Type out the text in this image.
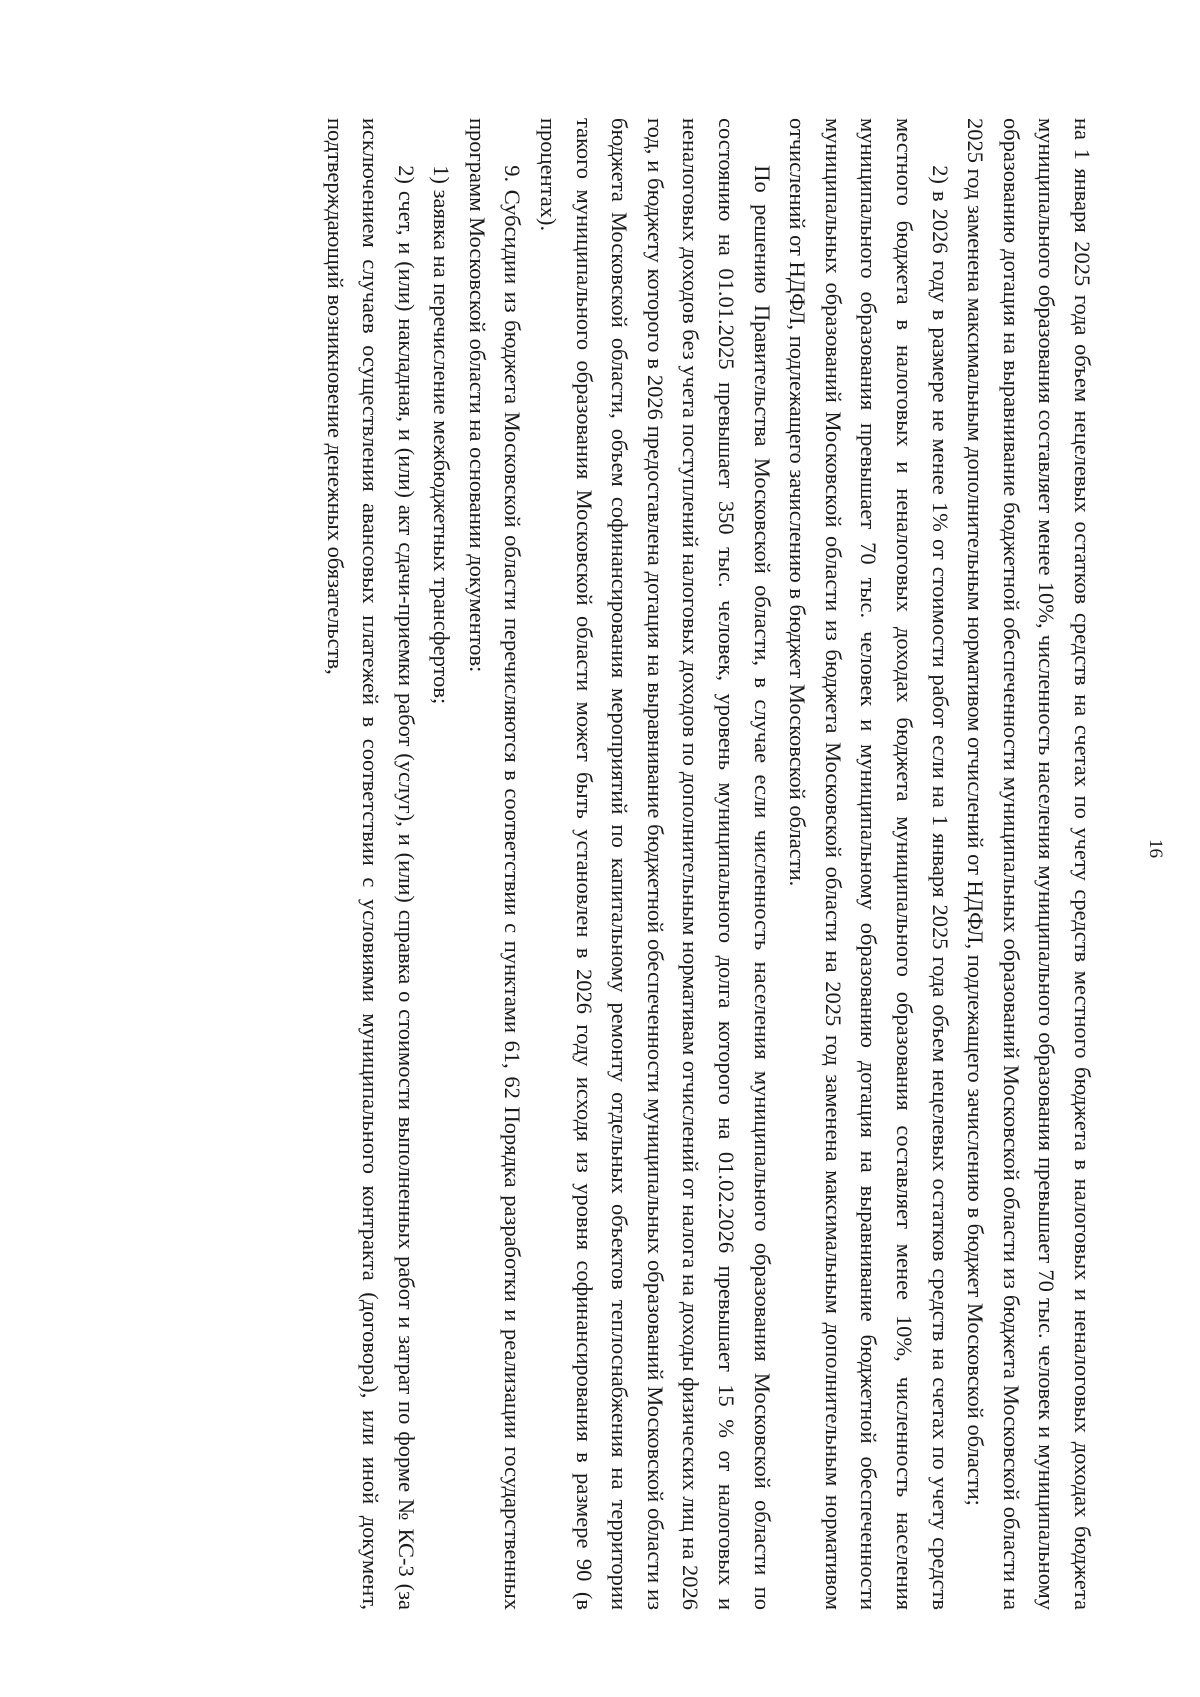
16

на 1 января 2025 года объем нецелевых остатков средств на счетах по учету средств местного бюджета в налоговых и неналоговых доходах бюджета муниципального образования составляет менее 10%, численность населения муниципального образования превышает 70 тыс. человек и муниципальному образованию дотация на выравнивание бюджетной обеспеченности муниципальных образований Московской области из бюджета Московской области на 2025 год заменена максимальным дополнительным нормативом отчислений от НДФЛ, подлежащего зачислению в бюджет Московской области;

2) в 2026 году в размере не менее 1% от стоимости работ если на 1 января 2025 года объем нецелевых остатков средств на счетах по учету средств местного бюджета в налоговых и неналоговых доходах бюджета муниципального образования составляет менее 10%, численность населения муниципального образования превышает 70 тыс. человек и муниципальному образованию дотация на выравнивание бюджетной обеспеченности муниципальных образований Московской области из бюджета Московской области на 2025 год заменена максимальным дополнительным нормативом отчислений от НДФЛ, подлежащего зачислению в бюджет Московской области.

По решению Правительства Московской области, в случае если численность населения муниципального образования Московской области по состоянию на 01.01.2025 превышает 350 тыс. человек, уровень муниципального долга которого на 01.02.2026 превышает 15 % от налоговых и неналоговых доходов без учета поступлений налоговых доходов по дополнительным нормативам отчислений от налога на доходы физических лиц на 2026 год, и бюджету которого в 2026 предоставлена дотация на выравнивание бюджетной обеспеченности муниципальных образований Московской области из бюджета Московской области, объем софинансирования мероприятий по капитальному ремонту отдельных объектов теплоснабжения на территории такого муниципального образования Московской области может быть установлен в 2026 году исходя из уровня софинансирования в размере 90 (в процентах).

9. Субсидии из бюджета Московской области перечисляются в соответствии с пунктами 61, 62 Порядка разработки и реализации государственных программ Московской области на основании документов:

1) заявка на перечисление межбюджетных трансфертов;

2) счет, и (или) накладная, и (или) акт сдачи-приемки работ (услуг), и (или) справка о стоимости выполненных работ и затрат по форме № КС-3 (за исключением случаев осуществления авансовых платежей в соответствии с условиями муниципального контракта (договора), или иной документ, подтверждающий возникновение денежных обязательств,
